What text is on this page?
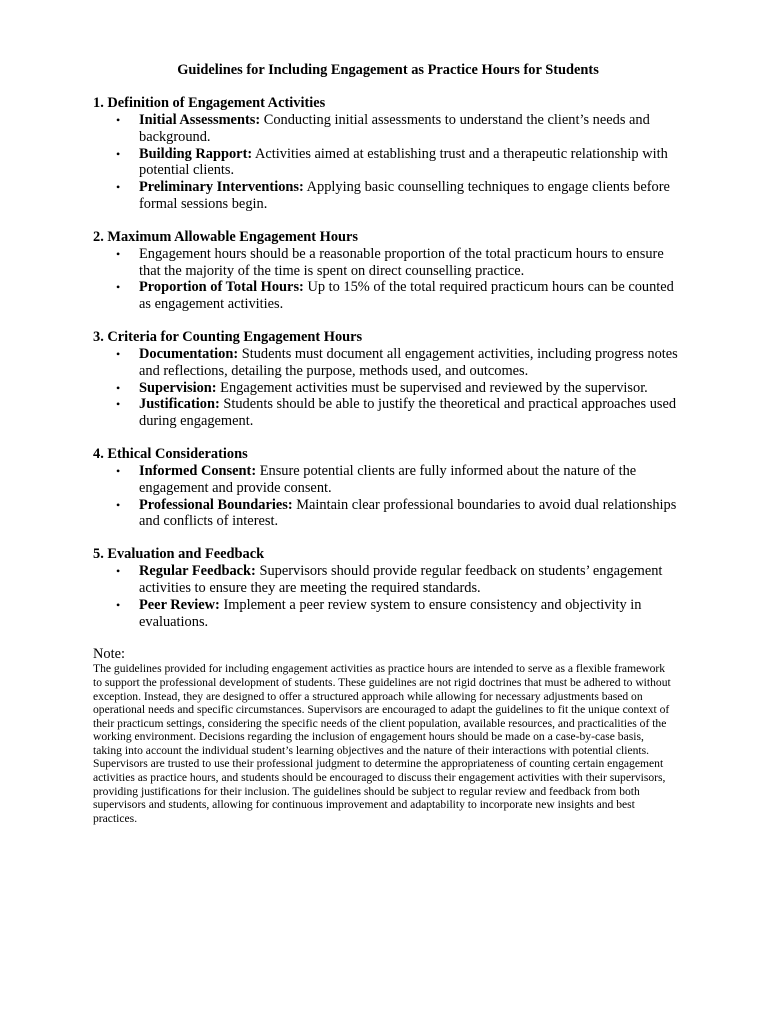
Guidelines for Including Engagement as Practice Hours for Students
1. Definition of Engagement Activities
• Initial Assessments: Conducting initial assessments to understand the client’s needs and background.
• Building Rapport: Activities aimed at establishing trust and a therapeutic relationship with potential clients.
• Preliminary Interventions: Applying basic counselling techniques to engage clients before formal sessions begin.
2. Maximum Allowable Engagement Hours
• Engagement hours should be a reasonable proportion of the total practicum hours to ensure that the majority of the time is spent on direct counselling practice.
• Proportion of Total Hours: Up to 15% of the total required practicum hours can be counted as engagement activities.
3. Criteria for Counting Engagement Hours
• Documentation: Students must document all engagement activities, including progress notes and reflections, detailing the purpose, methods used, and outcomes.
• Supervision: Engagement activities must be supervised and reviewed by the supervisor.
• Justification: Students should be able to justify the theoretical and practical approaches used during engagement.
4. Ethical Considerations
• Informed Consent: Ensure potential clients are fully informed about the nature of the engagement and provide consent.
• Professional Boundaries: Maintain clear professional boundaries to avoid dual relationships and conflicts of interest.
5. Evaluation and Feedback
• Regular Feedback: Supervisors should provide regular feedback on students’ engagement activities to ensure they are meeting the required standards.
• Peer Review: Implement a peer review system to ensure consistency and objectivity in evaluations.

Note:

The guidelines provided for including engagement activities as practice hours are intended to serve as a flexible framework to support the professional development of students. These guidelines are not rigid doctrines that must be adhered to without exception. Instead, they are designed to offer a structured approach while allowing for necessary adjustments based on operational needs and specific circumstances. Supervisors are encouraged to adapt the guidelines to fit the unique context of their practicum settings, considering the specific needs of the client population, available resources, and practicalities of the working environment. Decisions regarding the inclusion of engagement hours should be made on a case-by-case basis, taking into account the individual student’s learning objectives and the nature of their interactions with potential clients. Supervisors are trusted to use their professional judgment to determine the appropriateness of counting certain engagement activities as practice hours, and students should be encouraged to discuss their engagement activities with their supervisors, providing justifications for their inclusion. The guidelines should be subject to regular review and feedback from both supervisors and students, allowing for continuous improvement and adaptability to incorporate new insights and best practices.
